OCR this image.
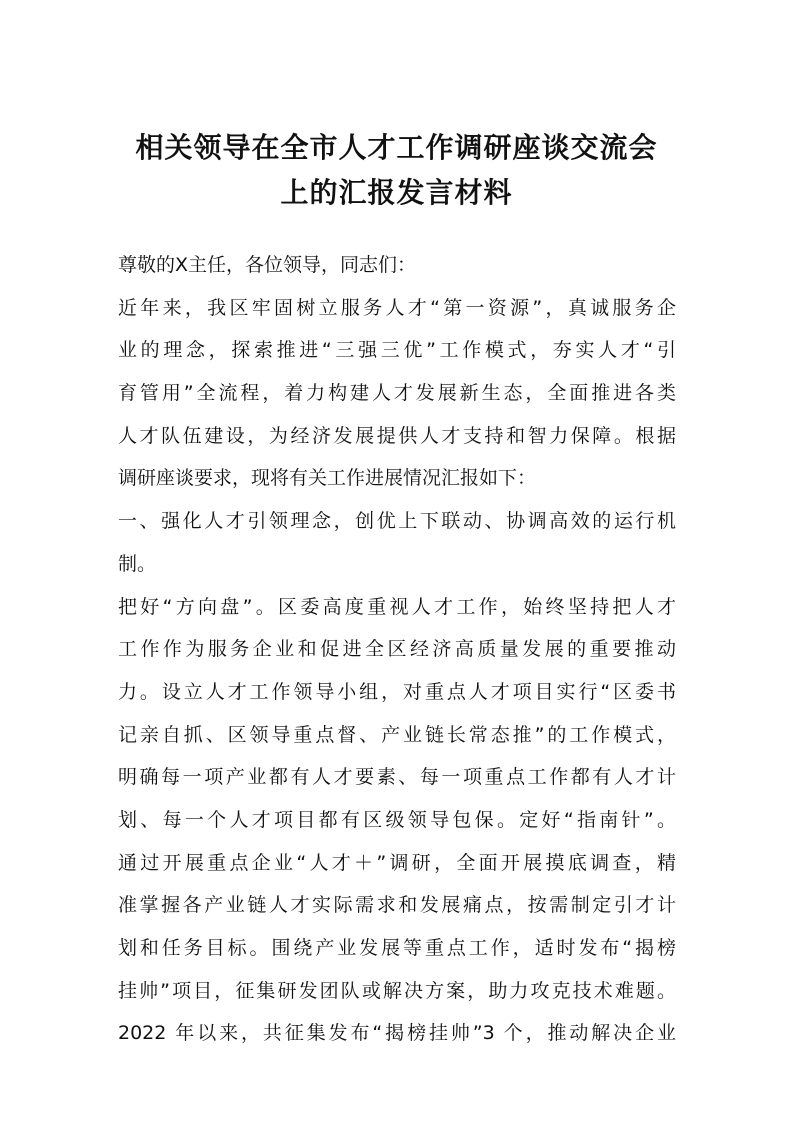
相关领导在全市人才工作调研座谈交流会
上的汇报发言材料
尊敬的X主任，各位领导，同志们：
近年来，我区牢固树立服务人才“第一资源”，真诚服务企
业的理念，探索推进“三强三优”工作模式，夯实人才“引
育管用”全流程，着力构建人才发展新生态，全面推进各类
人才队伍建设，为经济发展提供人才支持和智力保障。根据
调研座谈要求，现将有关工作进展情况汇报如下：
一、强化人才引领理念，创优上下联动、协调高效的运行机
制。
把好“方向盘”。区委高度重视人才工作，始终坚持把人才
工作作为服务企业和促进全区经济高质量发展的重要推动
力。设立人才工作领导小组，对重点人才项目实行“区委书
记亲自抓、区领导重点督、产业链长常态推”的工作模式，
明确每一项产业都有人才要素、每一项重点工作都有人才计
划、每一个人才项目都有区级领导包保。定好“指南针”。
通过开展重点企业“人才＋”调研，全面开展摸底调查，精
准掌握各产业链人才实际需求和发展痛点，按需制定引才计
划和任务目标。围绕产业发展等重点工作，适时发布“揭榜
挂帅”项目，征集研发团队或解决方案，助力攻克技术难题。
2022 年以来，共征集发布“揭榜挂帅”3 个，推动解决企业
